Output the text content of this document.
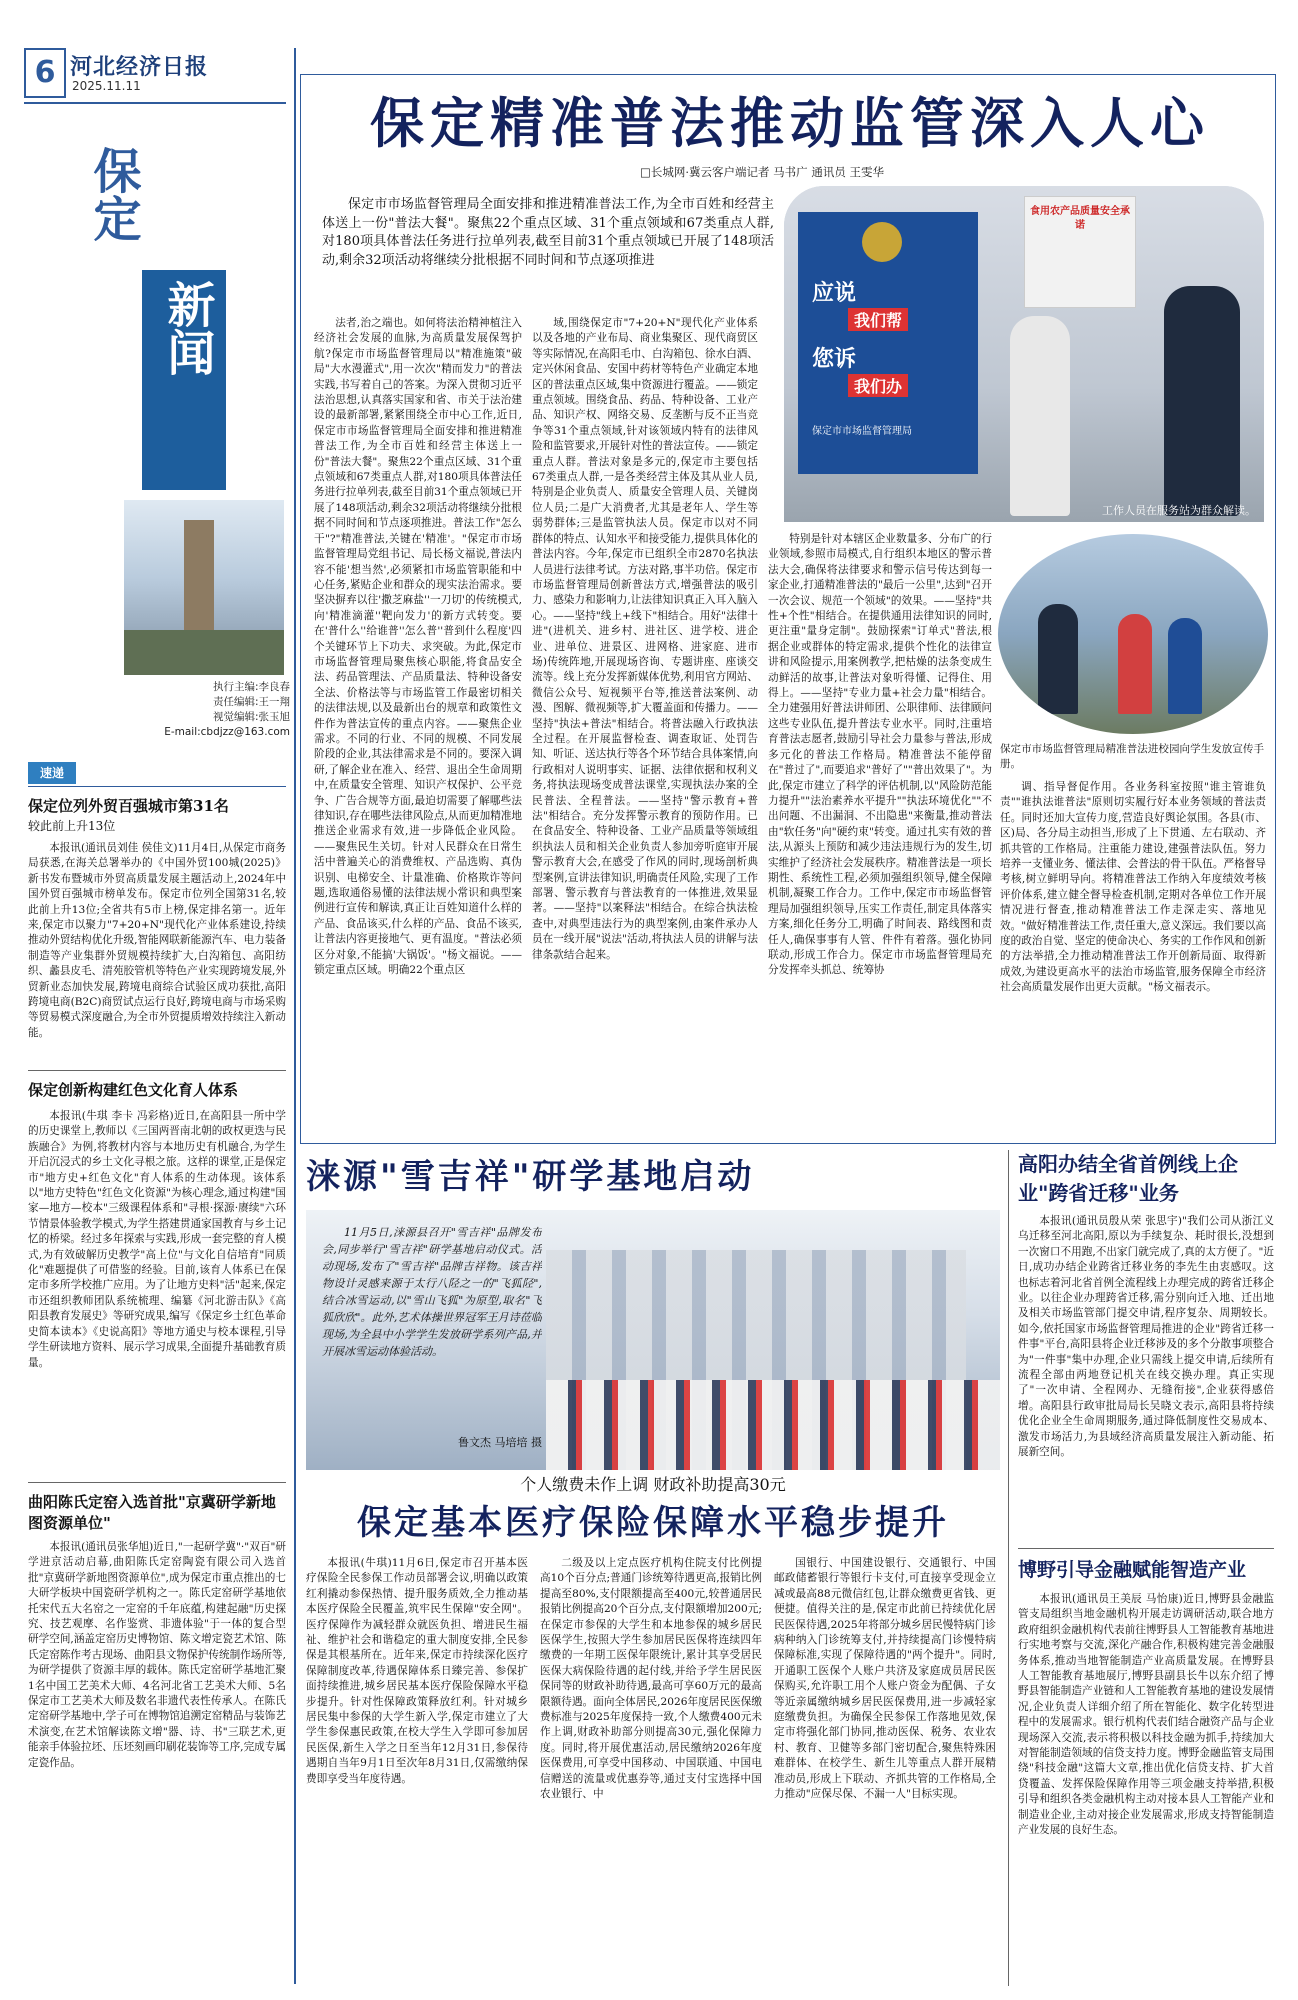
6 河北经济日报
2025.11.11
保定
新闻
执行主编:李良春
责任编辑:王一翔
视觉编辑:张玉旭
E-mail:cbdjzz@163.com
速递
保定位列外贸百强城市第31名
较此前上升13位

本报讯(通讯员刘佳 侯佳文)11月4日,从保定市商务局获悉,在海关总署举办的《中国外贸100城(2025)》新书发布暨城市外贸高质量发展主题活动上,2024年中国外贸百强城市榜单发布。保定市位列全国第31名,较此前上升13位;全省共有5市上榜,保定排名第一。近年来,保定市以聚力"7+20+N"现代化产业体系建设,持续推动外贸结构优化升级,智能网联新能源汽车、电力装备制造等产业集群外贸规模持续扩大,白沟箱包、高阳纺织、蠡县皮毛、清苑胶管机等特色产业实现跨境发展,外贸新业态加快发展,跨境电商综合试验区成功获批,高阳跨境电商(B2C)商贸试点运行良好,跨境电商与市场采购等贸易模式深度融合,为全市外贸提质增效持续注入新动能。

保定创新构建红色文化育人体系

本报讯(牛琪 李卡 冯彩格)近日,在高阳县一所中学的历史课堂上,教师以《三国两晋南北朝的政权更迭与民族融合》为例,将教材内容与本地历史有机融合,为学生开启沉浸式的乡土文化寻根之旅。这样的课堂,正是保定市"地方史+红色文化"育人体系的生动体现。该体系以"地方史特色"红色文化资源"为核心理念,通过构建"国家—地方—校本"三级课程体系和"寻根·探源·赓续"六环节情景体验教学模式,为学生搭建贯通家国教育与乡土记忆的桥梁。经过多年探索与实践,形成一套完整的育人模式,为有效破解历史教学"高上位"与文化自信培育"同质化"难题提供了可借鉴的经验。目前,该育人体系已在保定市多所学校推广应用。为了让地方史料"活"起来,保定市还组织教师团队系统梳理、编纂《河北游击队》《高阳县教育发展史》等研究成果,编写《保定乡土红色革命史简本读本》《史说高阳》等地方通史与校本课程,引导学生研读地方资料、展示学习成果,全面提升基础教育质量。

曲阳陈氏定窑入选首批"京冀研学新地图资源单位"

本报讯(通讯员张华旭)近日,"一起研学冀"·"双百"研学进京活动启幕,曲阳陈氏定窑陶瓷有限公司入选首批"京冀研学新地图资源单位",成为保定市重点推出的七大研学板块中国瓷研学机构之一。陈氏定窑研学基地依托宋代五大名窑之一定窑的千年底蕴,构建起融"历史探究、技艺观摩、名作鉴赏、非遗体验"于一体的复合型研学空间,涵盖定窑历史博物馆、陈文增定瓷艺术馆、陈氏定窑陈作考古现场、曲阳县文物保护传统制作场所等,为研学提供了资源丰厚的载体。陈氏定窑研学基地汇聚1名中国工艺美术大师、4名河北省工艺美术大师、5名保定市工艺美术大师及数名非遗代表性传承人。在陈氏定窑研学基地中,学子可在博物馆追溯定窑精品与装饰艺术演变,在艺术馆解读陈文增"器、诗、书"三联艺术,更能亲手体验拉坯、压坯刻画印刷花装饰等工序,完成专属定瓷作品。

保定精准普法推动监管深入人心
□长城网·冀云客户端记者 马书广 通讯员 王雯华

保定市市场监督管理局全面安排和推进精准普法工作,为全市百姓和经营主体送上一份"普法大餐"。聚焦22个重点区域、31个重点领域和67类重点人群,对180项具体普法任务进行拉单列表,截至目前31个重点领域已开展了148项活动,剩余32项活动将继续分批根据不同时间和节点逐项推进

应说
我们帮
您诉
我们办
保定市市场监督管理局
食用农产品质量安全承诺
工作人员在服务站为群众解读。

法者,治之端也。如何将法治精神植注入经济社会发展的血脉,为高质量发展保驾护航?保定市市场监督管理局以"精准施策"破局"大水漫灌式",用一次次"精而发力"的普法实践,书写着自己的答案。为深入贯彻习近平法治思想,认真落实国家和省、市关于法治建设的最新部署,紧紧围绕全市中心工作,近日,保定市市场监督管理局全面安排和推进精准普法工作,为全市百姓和经营主体送上一份"普法大餐"。聚焦22个重点区域、31个重点领域和67类重点人群,对180项具体普法任务进行拉单列表,截至目前31个重点领域已开展了148项活动,剩余32项活动将继续分批根据不同时间和节点逐项推进。普法工作"怎么干"?"精准普法,关键在'精准'。"保定市市场监督管理局党组书记、局长杨文福说,普法内容不能'想当然',必须紧扣市场监管职能和中心任务,紧贴企业和群众的现实法治需求。要坚决摒弃以往'撒芝麻盐''一刀切'的传统模式,向'精准滴灌''靶向发力'的新方式转变。要在'普什么''给谁普''怎么普''普到什么程度'四个关键环节上下功夫、求突破。为此,保定市市场监督管理局聚焦核心职能,将食品安全法、药品管理法、产品质量法、特种设备安全法、价格法等与市场监管工作最密切相关的法律法规,以及最新出台的规章和政策性文件作为普法宣传的重点内容。——聚焦企业需求。不同的行业、不同的规模、不同发展阶段的企业,其法律需求是不同的。要深入调研,了解企业在准入、经营、退出全生命周期中,在质量安全管理、知识产权保护、公平竞争、广告合规等方面,最迫切需要了解哪些法律知识,存在哪些法律风险点,从而更加精准地推送企业需求有效,进一步降低企业风险。——聚焦民生关切。针对人民群众在日常生活中普遍关心的消费维权、产品选购、真伪识别、电梯安全、计量准确、价格欺诈等问题,选取通俗易懂的法律法规小常识和典型案例进行宣传和解读,真正让百姓知道什么样的产品、食品该买,什么样的产品、食品不该买,让普法内容更接地气、更有温度。"普法必须区分对象,不能搞'大锅饭'。"杨文福说。——锁定重点区域。明确22个重点区

域,围绕保定市"7+20+N"现代化产业体系以及各地的产业布局、商业集聚区、现代商贸区等实际情况,在高阳毛巾、白沟箱包、徐水白酒、定兴休闲食品、安国中药材等特色产业确定本地区的普法重点区域,集中资源进行覆盖。——锁定重点领域。围绕食品、药品、特种设备、工业产品、知识产权、网络交易、反垄断与反不正当竞争等31个重点领域,针对该领域内特有的法律风险和监管要求,开展针对性的普法宣传。——锁定重点人群。普法对象是多元的,保定市主要包括67类重点人群,一是各类经营主体及其从业人员,特别是企业负责人、质量安全管理人员、关键岗位人员;二是广大消费者,尤其是老年人、学生等弱势群体;三是监管执法人员。保定市以对不同群体的特点、认知水平和接受能力,提供具体化的普法内容。今年,保定市已组织全市2870名执法人员进行法律考试。方法对路,事半功倍。保定市市场监督管理局创新普法方式,增强普法的吸引力、感染力和影响力,让法律知识真正入耳入脑入心。——坚持"线上+线下"相结合。用好"法律十进"(进机关、进乡村、进社区、进学校、进企业、进单位、进景区、进网格、进家庭、进市场)传统阵地,开展现场咨询、专题讲座、座谈交流等。线上充分发挥新媒体优势,利用官方网站、微信公众号、短视频平台等,推送普法案例、动漫、图解、微视频等,扩大覆盖面和传播力。——坚持"执法+普法"相结合。将普法融入行政执法全过程。在开展监督检查、调查取证、处罚告知、听证、送达执行等各个环节结合具体案情,向行政相对人说明事实、证据、法律依据和权利义务,将执法现场变成普法课堂,实现执法办案的全民普法、全程普法。——坚持"警示教育+普法"相结合。充分发挥警示教育的预防作用。已在食品安全、特种设备、工业产品质量等领域组织执法人员和相关企业负责人参加旁听庭审开展警示教育大会,在感受了作风的同时,现场剖析典型案例,宣讲法律知识,明确责任风险,实现了工作部署、警示教育与普法教育的一体推进,效果显著。——坚持"以案释法"相结合。在综合执法检查中,对典型违法行为的典型案例,由案件承办人员在一线开展"说法"活动,将执法人员的讲解与法律条款结合起来。

特别是针对本辖区企业数量多、分布广的行业领域,参照市局模式,自行组织本地区的警示普法大会,确保将法律要求和警示信号传达到每一家企业,打通精准普法的"最后一公里",达到"召开一次会议、规范一个领域"的效果。——坚持"共性+个性"相结合。在提供通用法律知识的同时,更注重"量身定制"。鼓励探索"订单式"普法,根据企业或群体的特定需求,提供个性化的法律宣讲和风险提示,用案例教学,把枯燥的法条变成生动鲜活的故事,让普法对象听得懂、记得住、用得上。——坚持"专业力量+社会力量"相结合。全力建强用好普法讲师团、公职律师、法律顾问这些专业队伍,提升普法专业水平。同时,注重培育普法志愿者,鼓励引导社会力量参与普法,形成多元化的普法工作格局。精准普法不能停留在"普过了",而要追求"普好了""普出效果了"。为此,保定市建立了科学的评估机制,以"风险防范能力提升""法治素养水平提升""执法环境优化""不出问题、不出漏洞、不出隐患"来衡量,推动普法由"软任务"向"硬约束"转变。通过扎实有效的普法,从源头上预防和减少违法违规行为的发生,切实维护了经济社会发展秩序。精准普法是一项长期性、系统性工程,必须加强组织领导,健全保障机制,凝聚工作合力。工作中,保定市市场监督管理局加强组织领导,压实工作责任,制定具体落实方案,细化任务分工,明确了时间表、路线图和责任人,确保事事有人管、件件有着落。强化协同联动,形成工作合力。保定市市场监督管理局充分发挥牵头抓总、统筹协

保定市市场监督管理局精准普法进校园向学生发放宣传手册。

调、指导督促作用。各业务科室按照"谁主管谁负责""谁执法谁普法"原则切实履行好本业务领域的普法责任。同时还加大宣传力度,营造良好舆论氛围。各县(市、区)局、各分局主动担当,形成了上下贯通、左右联动、齐抓共管的工作格局。注重能力建设,建强普法队伍。努力培养一支懂业务、懂法律、会普法的骨干队伍。严格督导考核,树立鲜明导向。将精准普法工作纳入年度绩效考核评价体系,建立健全督导检查机制,定期对各单位工作开展情况进行督查,推动精准普法工作走深走实、落地见效。"做好精准普法工作,责任重大,意义深远。我们要以高度的政治自觉、坚定的使命决心、务实的工作作风和创新的方法举措,全力推动精准普法工作开创新局面、取得新成效,为建设更高水平的法治市场监管,服务保障全市经济社会高质量发展作出更大贡献。"杨文福表示。

涞源"雪吉祥"研学基地启动

11月5日,涞源县召开"雪吉祥"品牌发布会,同步举行"雪吉祥"研学基地启动仪式。活动现场,发布了"雪吉祥"品牌吉祥物。该吉祥物设计灵感来源于太行八陉之一的"飞狐陉",结合冰雪运动,以"雪山飞狐"为原型,取名"飞狐欣欣"。此外,艺术体操世界冠军王月诗莅临现场,为全县中小学学生发放研学系列产品,并开展冰雪运动体验活动。

鲁文杰 马培培 摄
个人缴费未作上调 财政补助提高30元
保定基本医疗保险保障水平稳步提升

本报讯(牛琪)11月6日,保定市召开基本医疗保险全民参保工作动员部署会议,明确以政策红利撬动参保热情、提升服务质效,全力推动基本医疗保险全民覆盖,筑牢民生保障"安全网"。医疗保障作为减轻群众就医负担、增进民生福祉、维护社会和谐稳定的重大制度安排,全民参保是其根基所在。近年来,保定市持续深化医疗保障制度改革,待遇保障体系日臻完善、参保扩面持续推进,城乡居民基本医疗保险保障水平稳步提升。针对性保障政策释放红利。针对城乡居民集中参保的大学生新入学,保定市建立了大学生参保惠民政策,在校大学生入学即可参加居民医保,新生入学之日至当年12月31日,参保待遇期自当年9月1日至次年8月31日,仅需缴纳保费即享受当年度待遇。

二级及以上定点医疗机构住院支付比例提高10个百分点;普通门诊统筹待遇更高,报销比例提高至80%,支付限额提高至400元,较普通居民报销比例提高20个百分点,支付限额增加200元;在保定市参保的大学生和本地参保的城乡居民医保学生,按照大学生参加居民医保将连续四年缴费的一年期工医保年限统计,累计其享受居民医保大病保险待遇的起付线,并给予学生居民医保同等的财政补助待遇,最高可享60万元的最高限额待遇。面向全体居民,2026年度居民医保缴费标准与2025年度保持一致,个人缴费400元未作上调,财政补助部分则提高30元,强化保障力度。同时,将开展优惠活动,居民缴纳2026年度医保费用,可享受中国移动、中国联通、中国电信赠送的流量或优惠券等,通过支付宝选择中国农业银行、中

国银行、中国建设银行、交通银行、中国邮政储蓄银行等银行卡支付,可直接享受现金立减或最高88元微信红包,让群众缴费更省钱、更便捷。值得关注的是,保定市此前已持续优化居民医保待遇,2025年将部分城乡居民慢特病门诊病种纳入门诊统筹支付,并持续提高门诊慢特病保障标准,实现了保障待遇的"两个提升"。同时,开通职工医保个人账户共济及家庭成员居民医保购买,允许职工用个人账户资金为配偶、子女等近亲属缴纳城乡居民医保费用,进一步减轻家庭缴费负担。为确保全民参保工作落地见效,保定市将强化部门协同,推动医保、税务、农业农村、教育、卫健等多部门密切配合,聚焦特殊困难群体、在校学生、新生儿等重点人群开展精准动员,形成上下联动、齐抓共管的工作格局,全力推动"应保尽保、不漏一人"目标实现。

高阳办结全省首例线上企业"跨省迁移"业务

本报讯(通讯员殷从荣 张思宇)"我们公司从浙江义乌迁移至河北高阳,原以为手续复杂、耗时很长,没想到一次窗口不用跑,不出家门就完成了,真的太方便了。"近日,成功办结企业跨省迁移业务的李先生由衷感叹。这也标志着河北省首例全流程线上办理完成的跨省迁移企业。以往企业办理跨省迁移,需分别向迁入地、迁出地及相关市场监管部门提交申请,程序复杂、周期较长。如今,依托国家市场监督管理局推进的企业"跨省迁移一件事"平台,高阳县将企业迁移涉及的多个分散事项整合为"一件事"集中办理,企业只需线上提交申请,后续所有流程全部由两地登记机关在线交换办理。真正实现了"一次申请、全程网办、无缝衔接",企业获得感倍增。高阳县行政审批局局长吴晓文表示,高阳县将持续优化企业全生命周期服务,通过降低制度性交易成本、激发市场活力,为县域经济高质量发展注入新动能、拓展新空间。

博野引导金融赋能智造产业

本报讯(通讯员王美辰 马怡康)近日,博野县金融监管支局组织当地金融机构开展走访调研活动,联合地方政府组织金融机构代表前往博野县人工智能教育基地进行实地考察与交流,深化产融合作,积极构建完善金融服务体系,推动当地智能制造产业高质量发展。在博野县人工智能教育基地展厅,博野县副县长牛以东介绍了博野县智能制造产业链和人工智能教育基地的建设发展情况,企业负责人详细介绍了所在智能化、数字化转型进程中的发展需求。银行机构代表们结合融资产品与企业现场深入交流,表示将积极以科技金融为抓手,持续加大对智能制造领域的信贷支持力度。博野金融监管支局围绕"科技金融"这篇大文章,推出优化信贷支持、扩大首贷覆盖、发挥保险保障作用等三项金融支持举措,积极引导和组织各类金融机构主动对接本县人工智能产业和制造业企业,主动对接企业发展需求,形成支持智能制造产业发展的良好生态。
